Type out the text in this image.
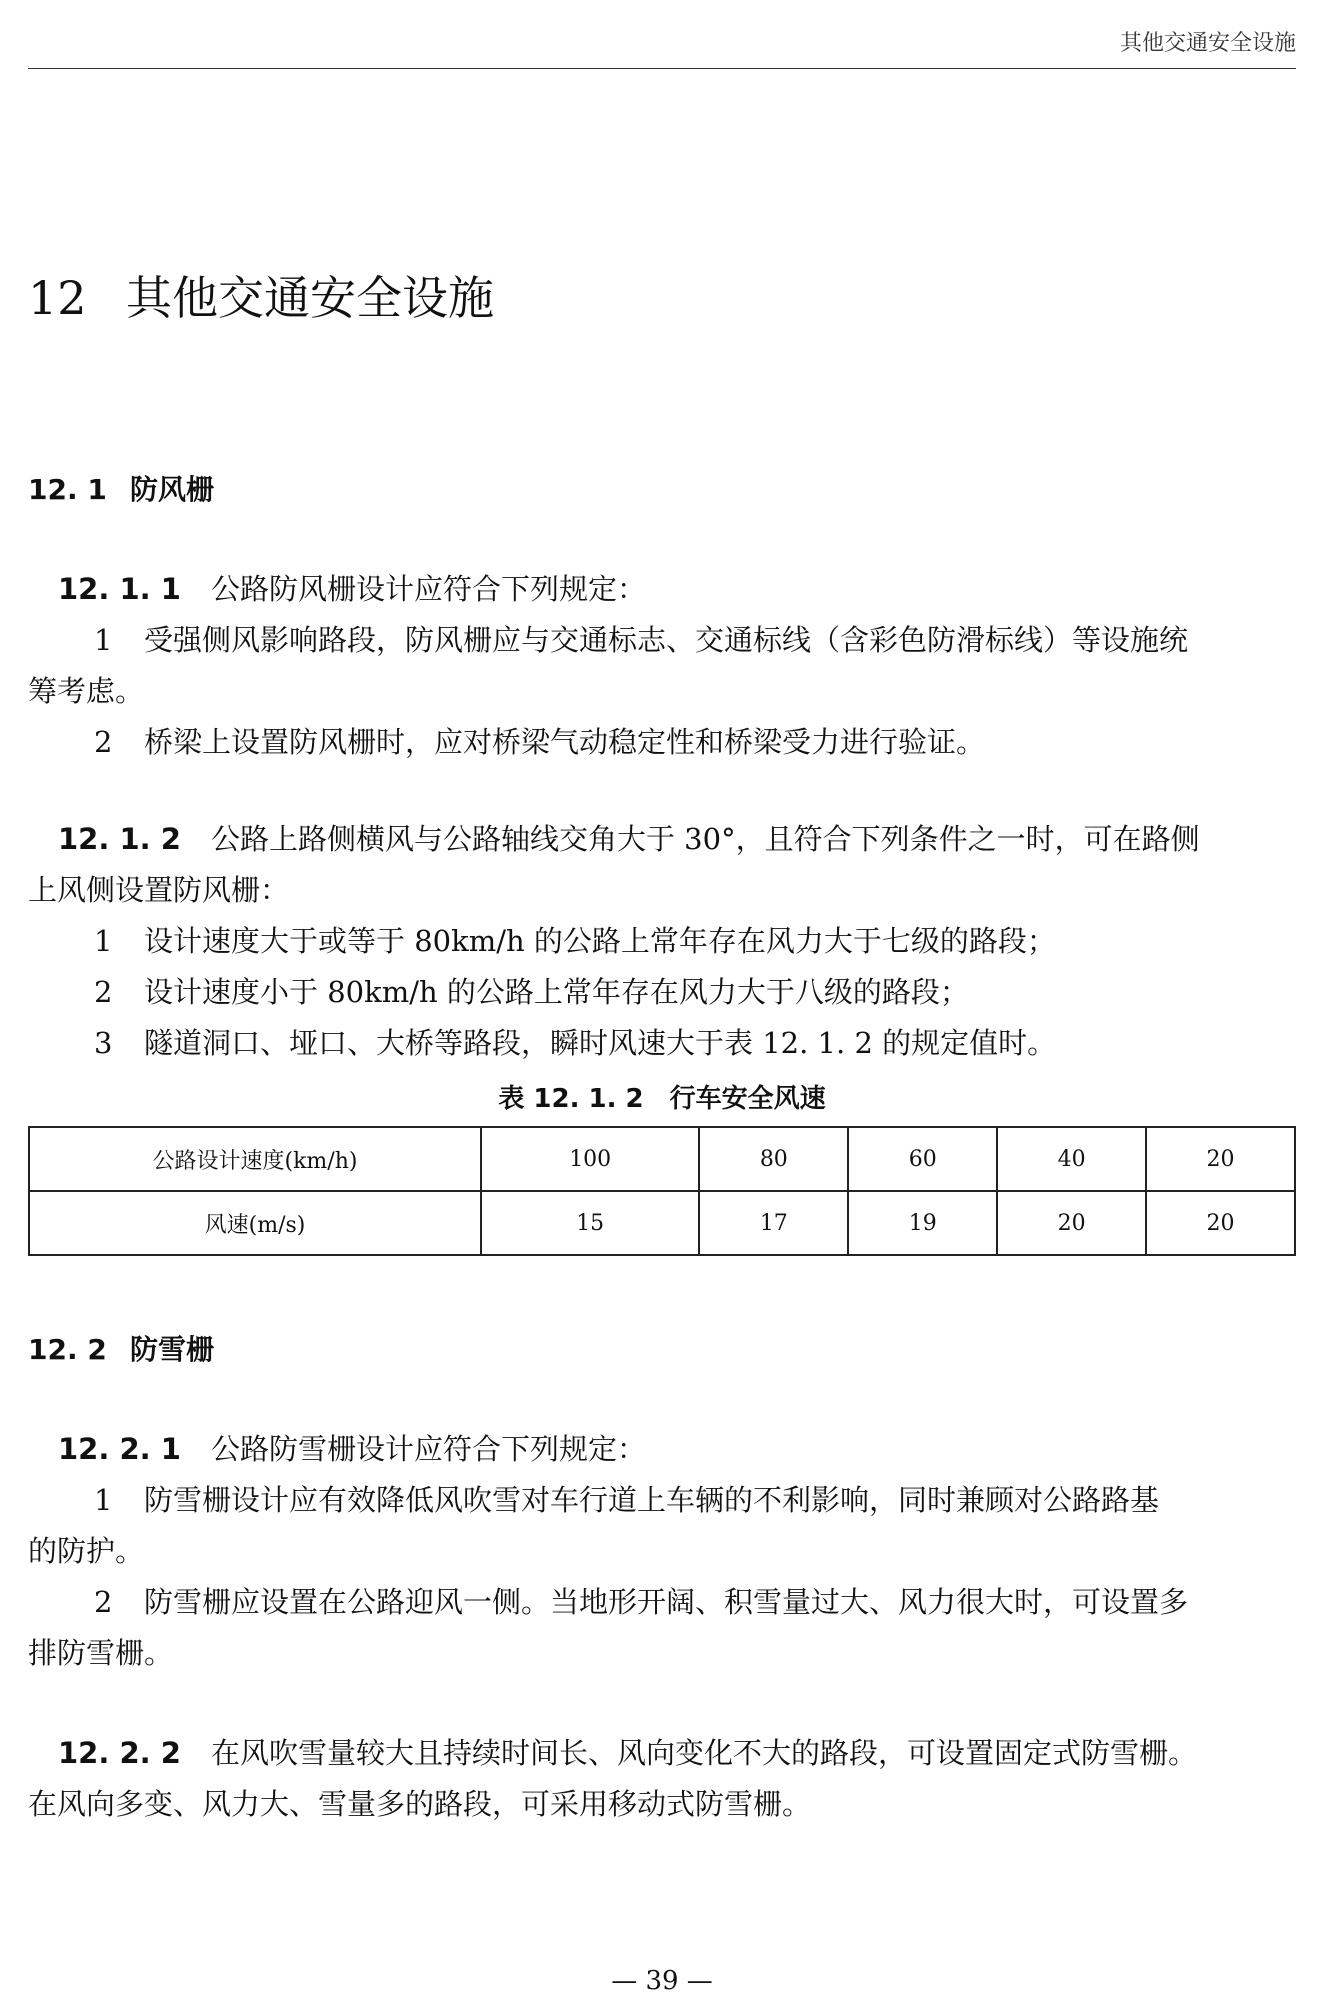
其他交通安全设施
12 其他交通安全设施
12. 1 防风栅
12. 1. 1 公路防风栅设计应符合下列规定：
1 受强侧风影响路段，防风栅应与交通标志、交通标线（含彩色防滑标线）等设施统
筹考虑。
2 桥梁上设置防风栅时，应对桥梁气动稳定性和桥梁受力进行验证。
12. 1. 2 公路上路侧横风与公路轴线交角大于 30°，且符合下列条件之一时，可在路侧
上风侧设置防风栅：
1 设计速度大于或等于 80km/h 的公路上常年存在风力大于七级的路段；
2 设计速度小于 80km/h 的公路上常年存在风力大于八级的路段；
3 隧道洞口、垭口、大桥等路段，瞬时风速大于表 12. 1. 2 的规定值时。
表 12. 1. 2 行车安全风速
公路设计速度(km/h)	100	80	60	40	20
风速(m/s)	15	17	19	20	20
12. 2 防雪栅
12. 2. 1 公路防雪栅设计应符合下列规定：
1 防雪栅设计应有效降低风吹雪对车行道上车辆的不利影响，同时兼顾对公路路基
的防护。
2 防雪栅应设置在公路迎风一侧。当地形开阔、积雪量过大、风力很大时，可设置多
排防雪栅。
12. 2. 2 在风吹雪量较大且持续时间长、风向变化不大的路段，可设置固定式防雪栅。
在风向多变、风力大、雪量多的路段，可采用移动式防雪栅。
— 39 —
